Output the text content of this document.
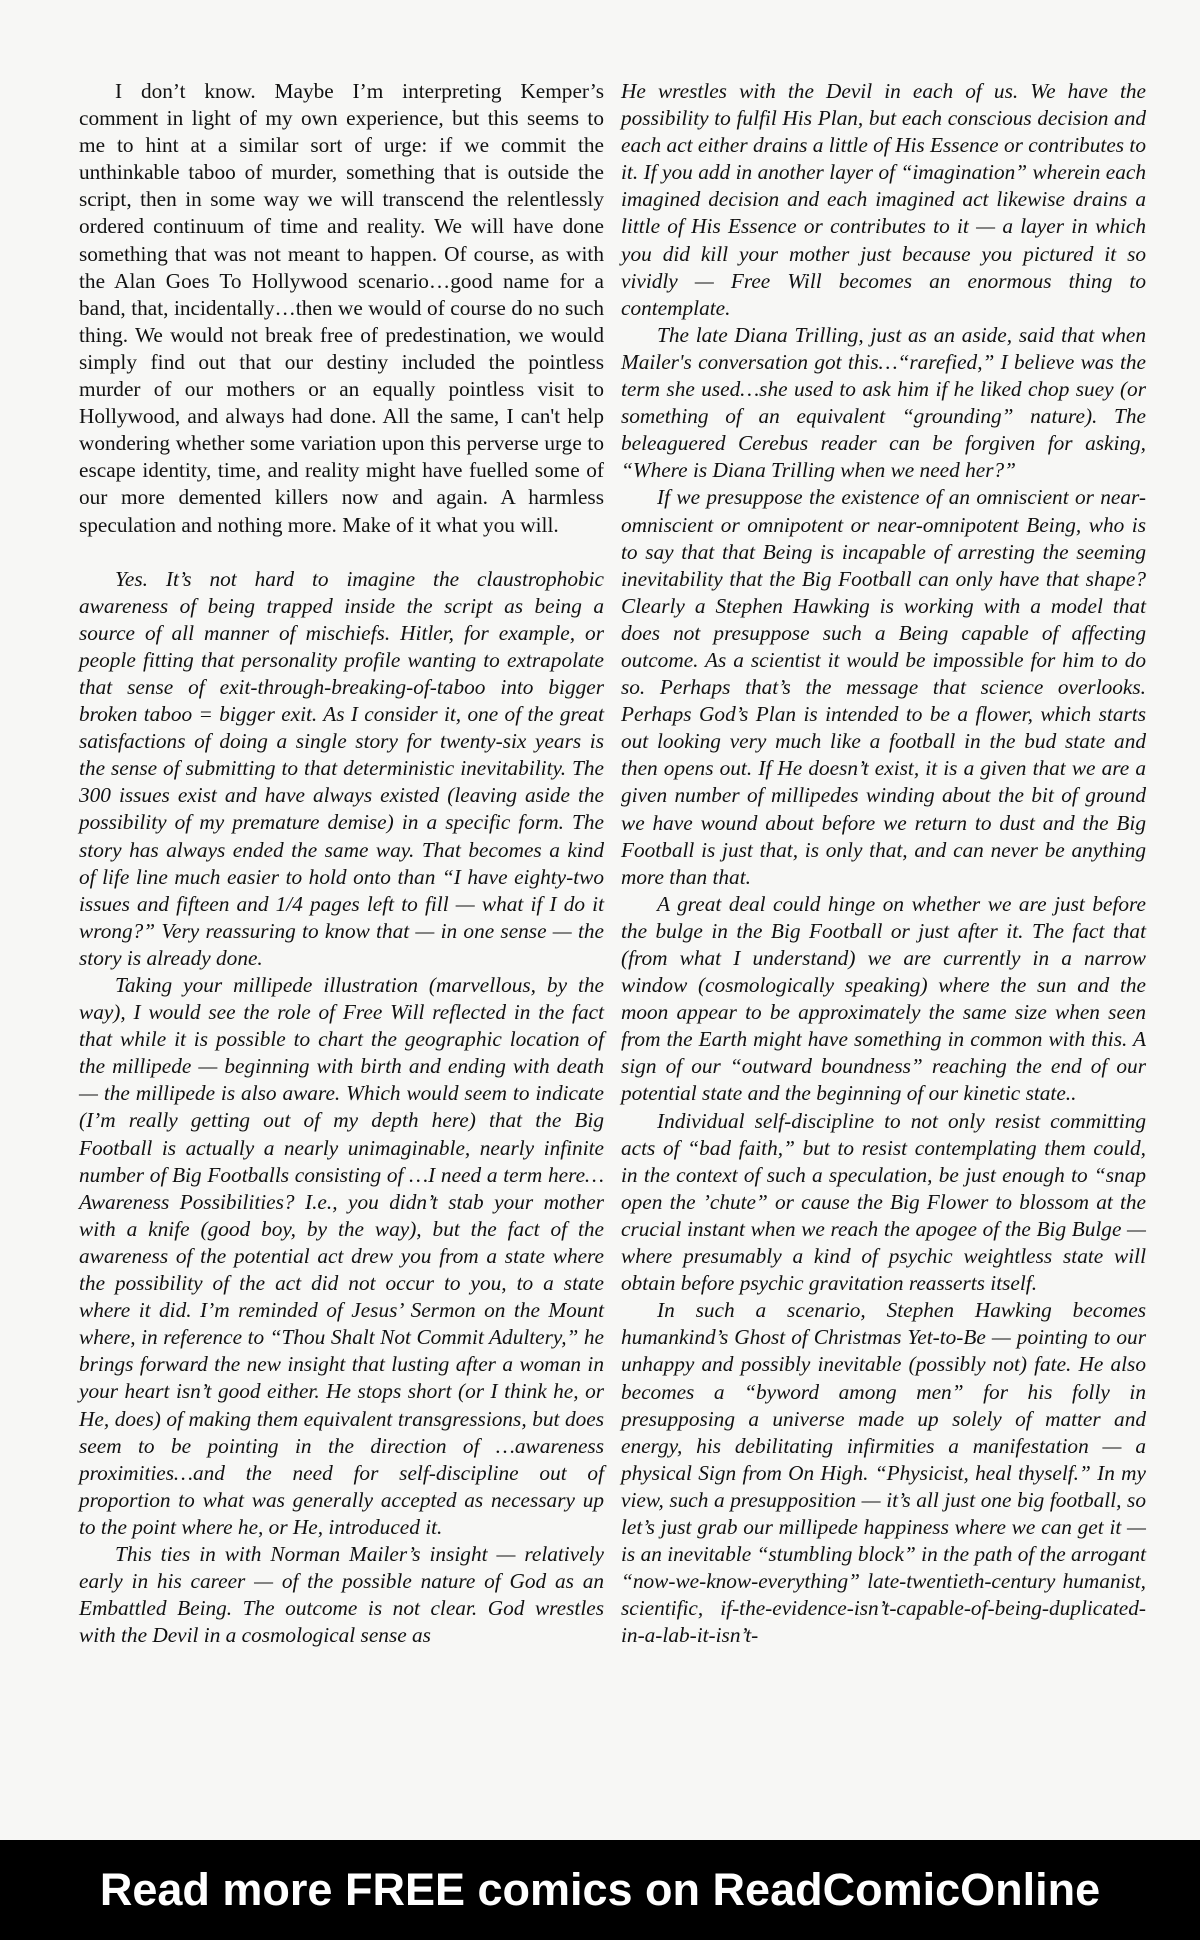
I don’t know. Maybe I’m interpreting Kemper’s comment in light of my own experience, but this seems to me to hint at a similar sort of urge: if we commit the unthinkable taboo of murder, something that is outside the script, then in some way we will transcend the relentlessly ordered continuum of time and reality. We will have done something that was not meant to happen. Of course, as with the Alan Goes To Hollywood scenario…good name for a band, that, incidentally…then we would of course do no such thing. We would not break free of predestination, we would simply find out that our destiny included the pointless murder of our mothers or an equally pointless visit to Hollywood, and always had done. All the same, I can't help wondering whether some variation upon this perverse urge to escape identity, time, and reality might have fuelled some of our more demented killers now and again. A harmless speculation and nothing more. Make of it what you will.

Yes. It’s not hard to imagine the claustrophobic awareness of being trapped inside the script as being a source of all manner of mischiefs. Hitler, for example, or people fitting that personality profile wanting to extrapolate that sense of exit-through-breaking-of-taboo into bigger broken taboo = bigger exit. As I consider it, one of the great satisfactions of doing a single story for twenty-six years is the sense of submitting to that deterministic inevitability. The 300 issues exist and have always existed (leaving aside the possibility of my premature demise) in a specific form. The story has always ended the same way. That becomes a kind of life line much easier to hold onto than “I have eighty-two issues and fifteen and 1/4 pages left to fill — what if I do it wrong?” Very reassuring to know that — in one sense — the story is already done.

Taking your millipede illustration (marvellous, by the way), I would see the role of Free Will reflected in the fact that while it is possible to chart the geographic location of the millipede — beginning with birth and ending with death — the millipede is also aware. Which would seem to indicate (I’m really getting out of my depth here) that the Big Football is actually a nearly unimaginable, nearly infinite number of Big Footballs consisting of …I need a term here…Awareness Possibilities? I.e., you didn’t stab your mother with a knife (good boy, by the way), but the fact of the awareness of the potential act drew you from a state where the possibility of the act did not occur to you, to a state where it did. I’m reminded of Jesus’ Sermon on the Mount where, in reference to “Thou Shalt Not Commit Adultery,” he brings forward the new insight that lusting after a woman in your heart isn’t good either. He stops short (or I think he, or He, does) of making them equivalent transgressions, but does seem to be pointing in the direction of …awareness proximities…and the need for self-discipline out of proportion to what was generally accepted as necessary up to the point where he, or He, introduced it.

This ties in with Norman Mailer’s insight — relatively early in his career — of the possible nature of God as an Embattled Being. The outcome is not clear. God wrestles with the Devil in a cosmological sense as

He wrestles with the Devil in each of us. We have the possibility to fulfil His Plan, but each conscious decision and each act either drains a little of His Essence or contributes to it. If you add in another layer of “imagination” wherein each imagined decision and each imagined act likewise drains a little of His Essence or contributes to it — a layer in which you did kill your mother just because you pictured it so vividly — Free Will becomes an enormous thing to contemplate.

The late Diana Trilling, just as an aside, said that when Mailer's conversation got this…“rarefied,” I believe was the term she used…she used to ask him if he liked chop suey (or something of an equivalent “grounding” nature). The beleaguered Cerebus reader can be forgiven for asking, “Where is Diana Trilling when we need her?”

If we presuppose the existence of an omniscient or near-omniscient or omnipotent or near-omnipotent Being, who is to say that that Being is incapable of arresting the seeming inevitability that the Big Football can only have that shape? Clearly a Stephen Hawking is working with a model that does not presuppose such a Being capable of affecting outcome. As a scientist it would be impossible for him to do so. Perhaps that’s the message that science overlooks. Perhaps God’s Plan is intended to be a flower, which starts out looking very much like a football in the bud state and then opens out. If He doesn’t exist, it is a given that we are a given number of millipedes winding about the bit of ground we have wound about before we return to dust and the Big Football is just that, is only that, and can never be anything more than that.

A great deal could hinge on whether we are just before the bulge in the Big Football or just after it. The fact that (from what I understand) we are currently in a narrow window (cosmologically speaking) where the sun and the moon appear to be approximately the same size when seen from the Earth might have something in common with this. A sign of our “outward boundness” reaching the end of our potential state and the beginning of our kinetic state..

Individual self-discipline to not only resist committing acts of “bad faith,” but to resist contemplating them could, in the context of such a speculation, be just enough to “snap open the ’chute” or cause the Big Flower to blossom at the crucial instant when we reach the apogee of the Big Bulge — where presumably a kind of psychic weightless state will obtain before psychic gravitation reasserts itself.

In such a scenario, Stephen Hawking becomes humankind’s Ghost of Christmas Yet-to-Be — pointing to our unhappy and possibly inevitable (possibly not) fate. He also becomes a “byword among men” for his folly in presupposing a universe made up solely of matter and energy, his debilitating infirmities a manifestation — a physical Sign from On High. “Physicist, heal thyself.” In my view, such a presupposition — it’s all just one big football, so let’s just grab our millipede happiness where we can get it — is an inevitable “stumbling block” in the path of the arrogant “now-we-know-everything” late-twentieth-century humanist, scientific, if-the-evidence-isn’t-capable-of-being-duplicated-in-a-lab-it-isn’t-

Read more FREE comics on ReadComicOnline
